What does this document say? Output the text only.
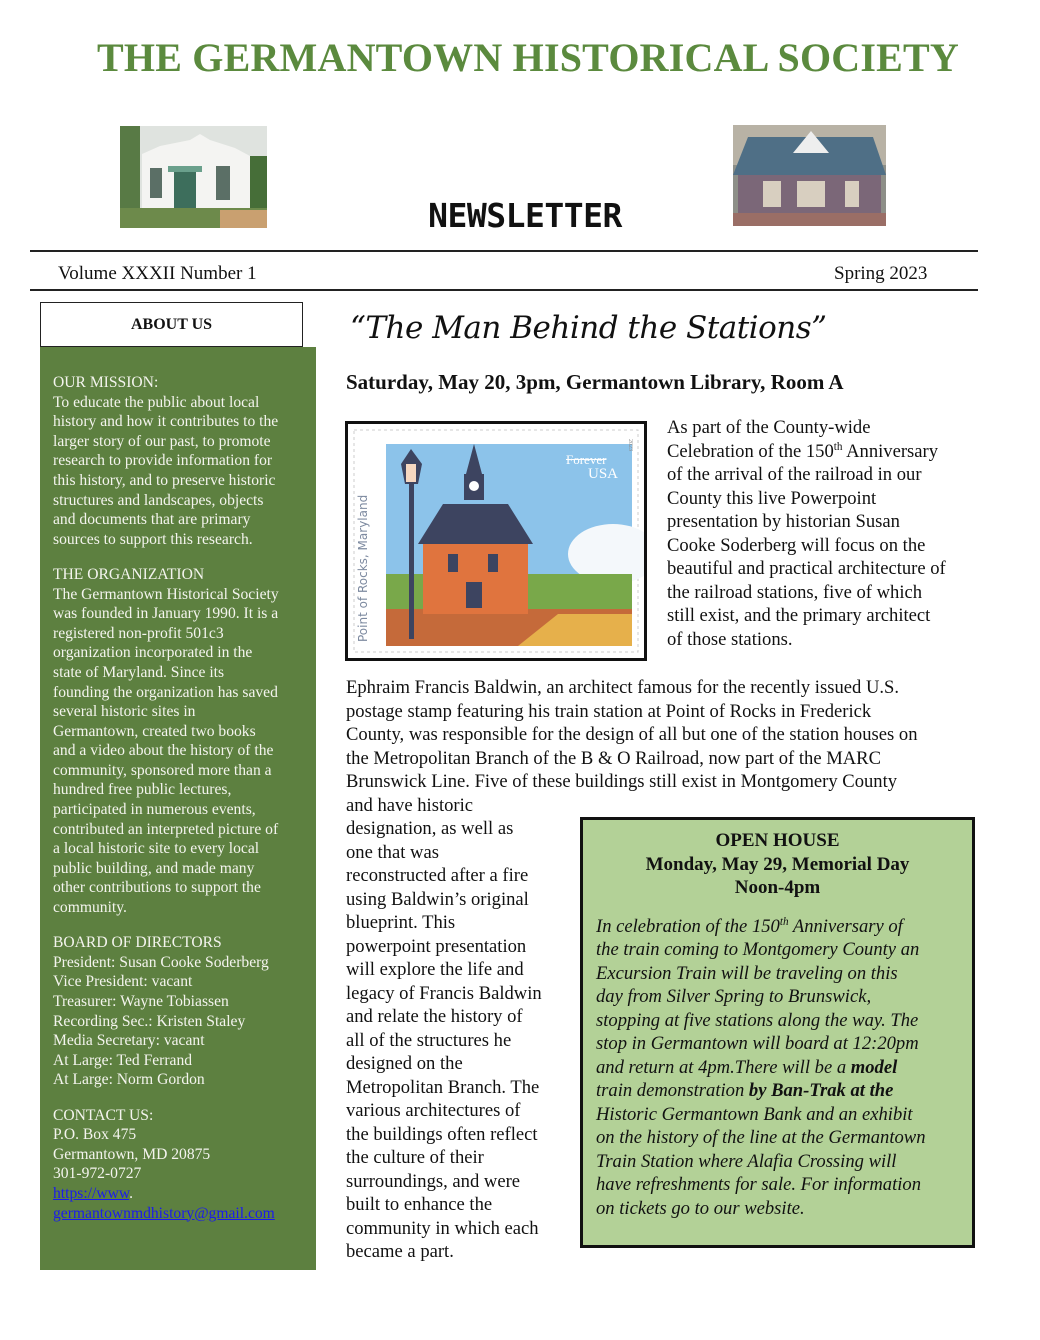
THE GERMANTOWN HISTORICAL SOCIETY
NEWSLETTER
Volume XXXII Number 1	Spring 2023
ABOUT US
OUR MISSION:
To educate the public about local
history and how it contributes to the
larger story of our past, to promote
research to provide information for
this history, and to preserve historic
structures and landscapes, objects
and documents that are primary
sources to support this research.
THE ORGANIZATION
The Germantown Historical Society
was founded in January 1990. It is a
registered non-profit 501c3
organization incorporated in the
state of Maryland. Since its
founding the organization has saved
several historic sites in
Germantown, created two books
and a video about the history of the
community, sponsored more than a
hundred free public lectures,
participated in numerous events,
contributed an interpreted picture of
a local historic site to every local
public building, and made many
other contributions to support the
community.
BOARD OF DIRECTORS
President: Susan Cooke Soderberg
Vice President: vacant
Treasurer: Wayne Tobiassen
Recording Sec.: Kristen Staley
Media Secretary: vacant
At Large: Ted Ferrand
At Large: Norm Gordon
CONTACT US:
P.O. Box 475
Germantown, MD 20875
301-972-0727
https://www.
germantownmdhistory@gmail.com
“The Man Behind the Stations”
Saturday, May 20, 3pm, Germantown Library, Room A
Point of Rocks, Maryland
Forever
USA
2023
As part of the County-wide
Celebration of the 150th Anniversary
of the arrival of the railroad in our
County this live Powerpoint
presentation by historian Susan
Cooke Soderberg will focus on the
beautiful and practical architecture of
the railroad stations, five of which
still exist, and the primary architect
of those stations.
Ephraim Francis Baldwin, an architect famous for the recently issued U.S.
postage stamp featuring his train station at Point of Rocks in Frederick
County, was responsible for the design of all but one of the station houses on
the Metropolitan Branch of the B & O Railroad, now part of the MARC
Brunswick Line. Five of these buildings still exist in Montgomery County
and have historic
designation, as well as
one that was
reconstructed after a fire
using Baldwin’s original
blueprint. This
powerpoint presentation
will explore the life and
legacy of Francis Baldwin
and relate the history of
all of the structures he
designed on the
Metropolitan Branch. The
various architectures of
the buildings often reflect
the culture of their
surroundings, and were
built to enhance the
community in which each
became a part.
OPEN HOUSE
Monday, May 29, Memorial Day
Noon-4pm
In celebration of the 150th Anniversary of
the train coming to Montgomery County an
Excursion Train will be traveling on this
day from Silver Spring to Brunswick,
stopping at five stations along the way. The
stop in Germantown will board at 12:20pm
and return at 4pm.There will be a model
train demonstration by Ban-Trak at the
Historic Germantown Bank and an exhibit
on the history of the line at the Germantown
Train Station where Alafia Crossing will
have refreshments for sale. For information
on tickets go to our website.
